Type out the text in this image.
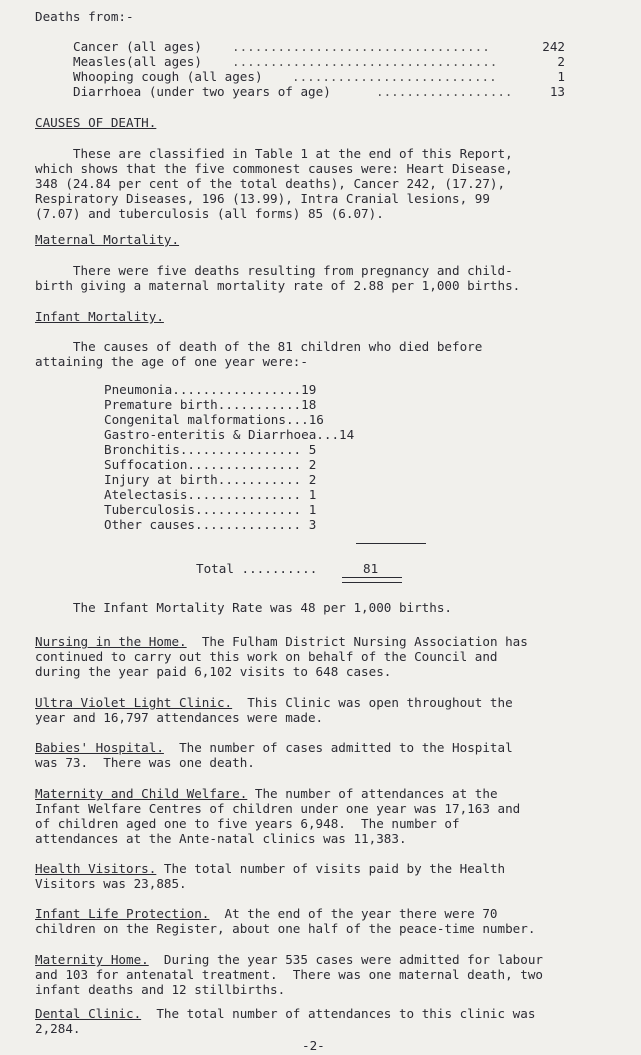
Deaths from:-
Cancer (all ages) ..................................	242
Measles(all ages) ...................................	2
Whooping cough (all ages) ...........................	1
Diarrhoea (under two years of age)	..................	13
CAUSES OF DEATH.
These are classified in Table 1 at the end of this Report,
which shows that the five commonest causes were: Heart Disease,
348 (24.84 per cent of the total deaths), Cancer 242, (17.27),
Respiratory Diseases, 196 (13.99), Intra Cranial lesions, 99
(7.07) and tuberculosis (all forms) 85 (6.07).
Maternal Mortality.
There were five deaths resulting from pregnancy and child-
birth giving a maternal mortality rate of 2.88 per 1,000 births.
Infant Mortality.
The causes of death of the 81 children who died before
attaining the age of one year were:-
Pneumonia.................19
Premature birth...........18
Congenital malformations...16
Gastro-enteritis & Diarrhoea...14
Bronchitis................ 5
Suffocation............... 2
Injury at birth........... 2
Atelectasis............... 1
Tuberculosis.............. 1
Other causes.............. 3
Total ..........	81
The Infant Mortality Rate was 48 per 1,000 births.
Nursing in the Home.  The Fulham District Nursing Association has
continued to carry out this work on behalf of the Council and
during the year paid 6,102 visits to 648 cases.
Ultra Violet Light Clinic.  This Clinic was open throughout the
year and 16,797 attendances were made.
Babies' Hospital.  The number of cases admitted to the Hospital
was 73.  There was one death.
Maternity and Child Welfare. The number of attendances at the
Infant Welfare Centres of children under one year was 17,163 and
of children aged one to five years 6,948.  The number of
attendances at the Ante-natal clinics was 11,383.
Health Visitors. The total number of visits paid by the Health
Visitors was 23,885.
Infant Life Protection.  At the end of the year there were 70
children on the Register, about one half of the peace-time number.
Maternity Home.  During the year 535 cases were admitted for labour
and 103 for antenatal treatment.  There was one maternal death, two
infant deaths and 12 stillbirths.
Dental Clinic.  The total number of attendances to this clinic was
2,284.
-2-
